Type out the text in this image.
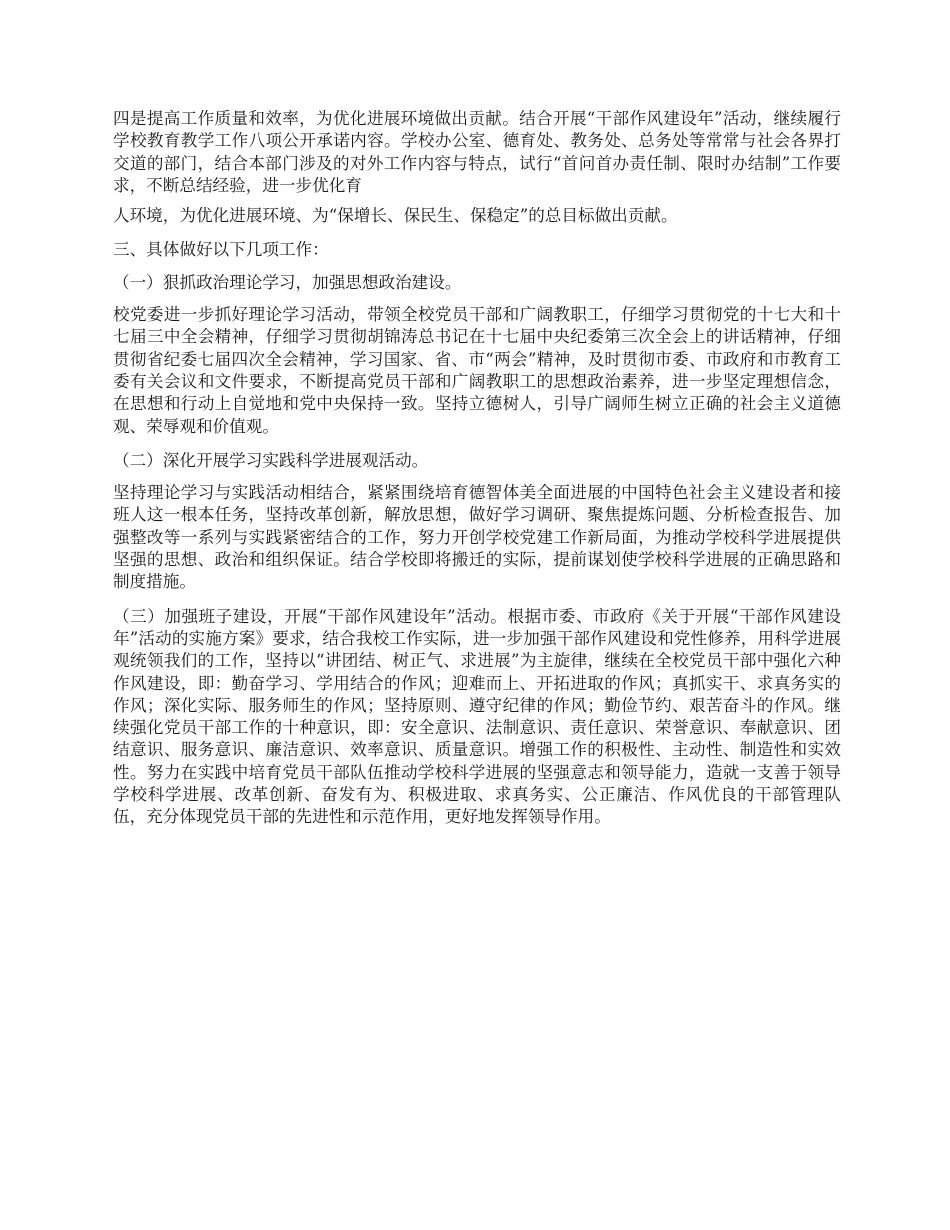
四是提高工作质量和效率，为优化进展环境做出贡献。结合开展“干部作风建设年”活动，继续履行学校教育教学工作八项公开承诺内容。学校办公室、德育处、教务处、总务处等常常与社会各界打交道的部门，结合本部门涉及的对外工作内容与特点，试行“首问首办责任制、限时办结制”工作要求，不断总结经验，进一步优化育

人环境，为优化进展环境、为“保增长、保民生、保稳定”的总目标做出贡献。

三、具体做好以下几项工作：

（一）狠抓政治理论学习，加强思想政治建设。

校党委进一步抓好理论学习活动，带领全校党员干部和广阔教职工，仔细学习贯彻党的十七大和十七届三中全会精神，仔细学习贯彻胡锦涛总书记在十七届中央纪委第三次全会上的讲话精神，仔细贯彻省纪委七届四次全会精神，学习国家、省、市“两会”精神，及时贯彻市委、市政府和市教育工委有关会议和文件要求，不断提高党员干部和广阔教职工的思想政治素养，进一步坚定理想信念，在思想和行动上自觉地和党中央保持一致。坚持立德树人，引导广阔师生树立正确的社会主义道德观、荣辱观和价值观。

（二）深化开展学习实践科学进展观活动。

坚持理论学习与实践活动相结合，紧紧围绕培育德智体美全面进展的中国特色社会主义建设者和接班人这一根本任务，坚持改革创新，解放思想，做好学习调研、聚焦提炼问题、分析检查报告、加强整改等一系列与实践紧密结合的工作，努力开创学校党建工作新局面，为推动学校科学进展提供坚强的思想、政治和组织保证。结合学校即将搬迁的实际，提前谋划使学校科学进展的正确思路和制度措施。

（三）加强班子建设，开展“干部作风建设年”活动。根据市委、市政府《关于开展“干部作风建设年”活动的实施方案》要求，结合我校工作实际，进一步加强干部作风建设和党性修养，用科学进展观统领我们的工作，坚持以“讲团结、树正气、求进展”为主旋律，继续在全校党员干部中强化六种作风建设，即：勤奋学习、学用结合的作风；迎难而上、开拓进取的作风；真抓实干、求真务实的作风；深化实际、服务师生的作风；坚持原则、遵守纪律的作风；勤俭节约、艰苦奋斗的作风。继续强化党员干部工作的十种意识，即：安全意识、法制意识、责任意识、荣誉意识、奉献意识、团结意识、服务意识、廉洁意识、效率意识、质量意识。增强工作的积极性、主动性、制造性和实效性。努力在实践中培育党员干部队伍推动学校科学进展的坚强意志和领导能力，造就一支善于领导学校科学进展、改革创新、奋发有为、积极进取、求真务实、公正廉洁、作风优良的干部管理队伍，充分体现党员干部的先进性和示范作用，更好地发挥领导作用。
